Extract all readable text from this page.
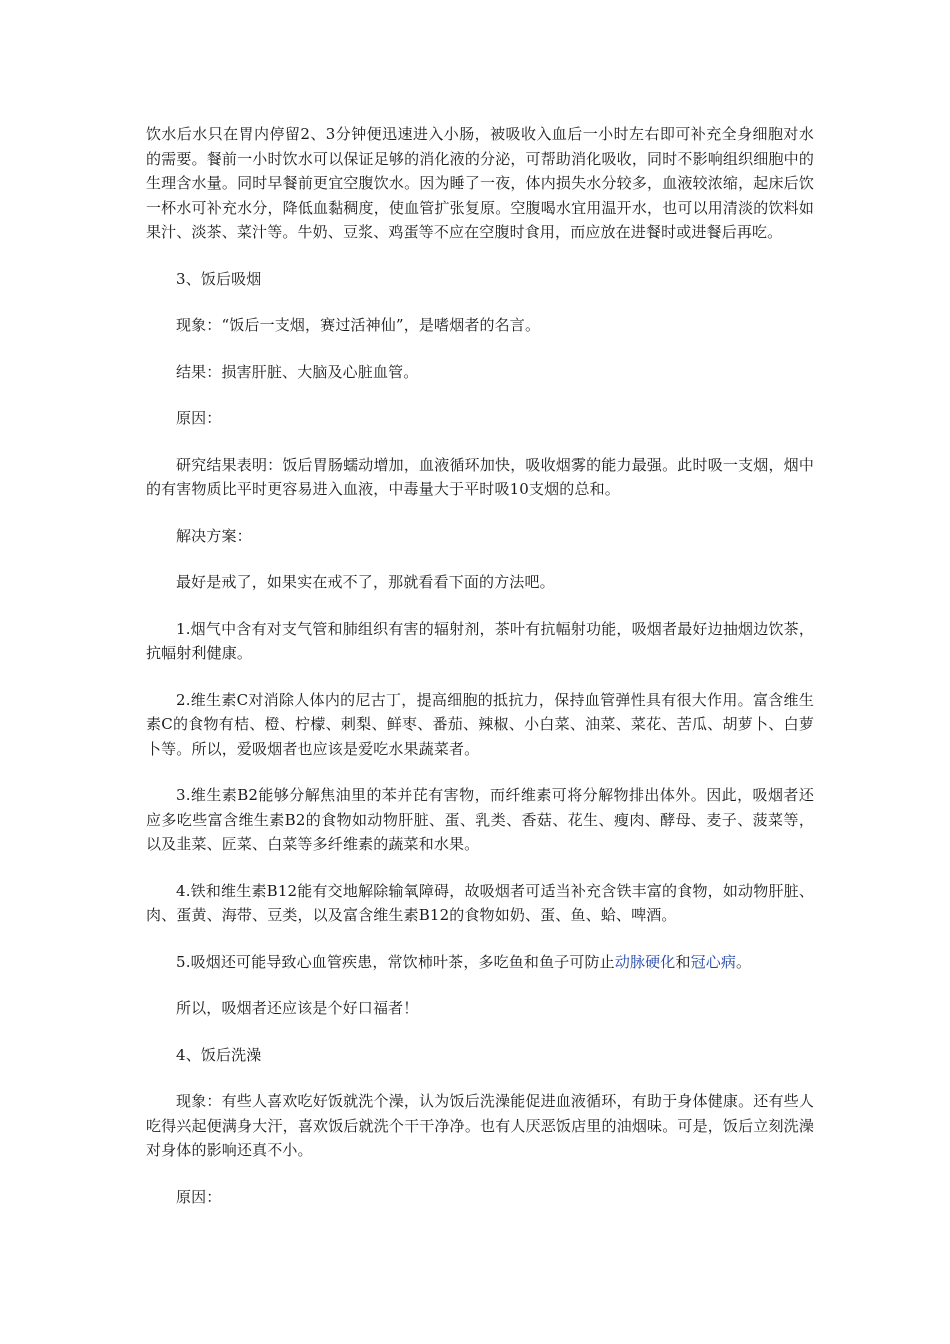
饮水后水只在胃内停留2、3分钟便迅速进入小肠，被吸收入血后一小时左右即可补充全身细胞对水的需要。餐前一小时饮水可以保证足够的消化液的分泌，可帮助消化吸收，同时不影响组织细胞中的生理含水量。同时早餐前更宜空腹饮水。因为睡了一夜，体内损失水分较多，血液较浓缩，起床后饮一杯水可补充水分，降低血黏稠度，使血管扩张复原。空腹喝水宜用温开水，也可以用清淡的饮料如果汁、淡茶、菜汁等。牛奶、豆浆、鸡蛋等不应在空腹时食用，而应放在进餐时或进餐后再吃。

3、饭后吸烟

现象：“饭后一支烟，赛过活神仙”，是嗜烟者的名言。

结果：损害肝脏、大脑及心脏血管。

原因：

研究结果表明：饭后胃肠蠕动增加，血液循环加快，吸收烟雾的能力最强。此时吸一支烟，烟中的有害物质比平时更容易进入血液，中毒量大于平时吸10支烟的总和。

解决方案：

最好是戒了，如果实在戒不了，那就看看下面的方法吧。

1.烟气中含有对支气管和肺组织有害的辐射剂，茶叶有抗幅射功能，吸烟者最好边抽烟边饮茶，抗幅射利健康。

2.维生素C对消除人体内的尼古丁，提高细胞的抵抗力，保持血管弹性具有很大作用。富含维生素C的食物有桔、橙、柠檬、刺梨、鲜枣、番茄、辣椒、小白菜、油菜、菜花、苦瓜、胡萝卜、白萝卜等。所以，爱吸烟者也应该是爱吃水果蔬菜者。

3.维生素B2能够分解焦油里的苯并芘有害物，而纤维素可将分解物排出体外。因此，吸烟者还应多吃些富含维生素B2的食物如动物肝脏、蛋、乳类、香菇、花生、瘦肉、酵母、麦子、菠菜等，以及韭菜、匠菜、白菜等多纤维素的蔬菜和水果。

4.铁和维生素B12能有交地解除输氧障碍，故吸烟者可适当补充含铁丰富的食物，如动物肝脏、肉、蛋黄、海带、豆类，以及富含维生素B12的食物如奶、蛋、鱼、蛤、啤酒。

5.吸烟还可能导致心血管疾患，常饮柿叶茶，多吃鱼和鱼子可防止动脉硬化和冠心病。

所以，吸烟者还应该是个好口福者！

4、饭后洗澡

现象：有些人喜欢吃好饭就洗个澡，认为饭后洗澡能促进血液循环，有助于身体健康。还有些人吃得兴起便满身大汗，喜欢饭后就洗个干干净净。也有人厌恶饭店里的油烟味。可是，饭后立刻洗澡对身体的影响还真不小。

原因：
